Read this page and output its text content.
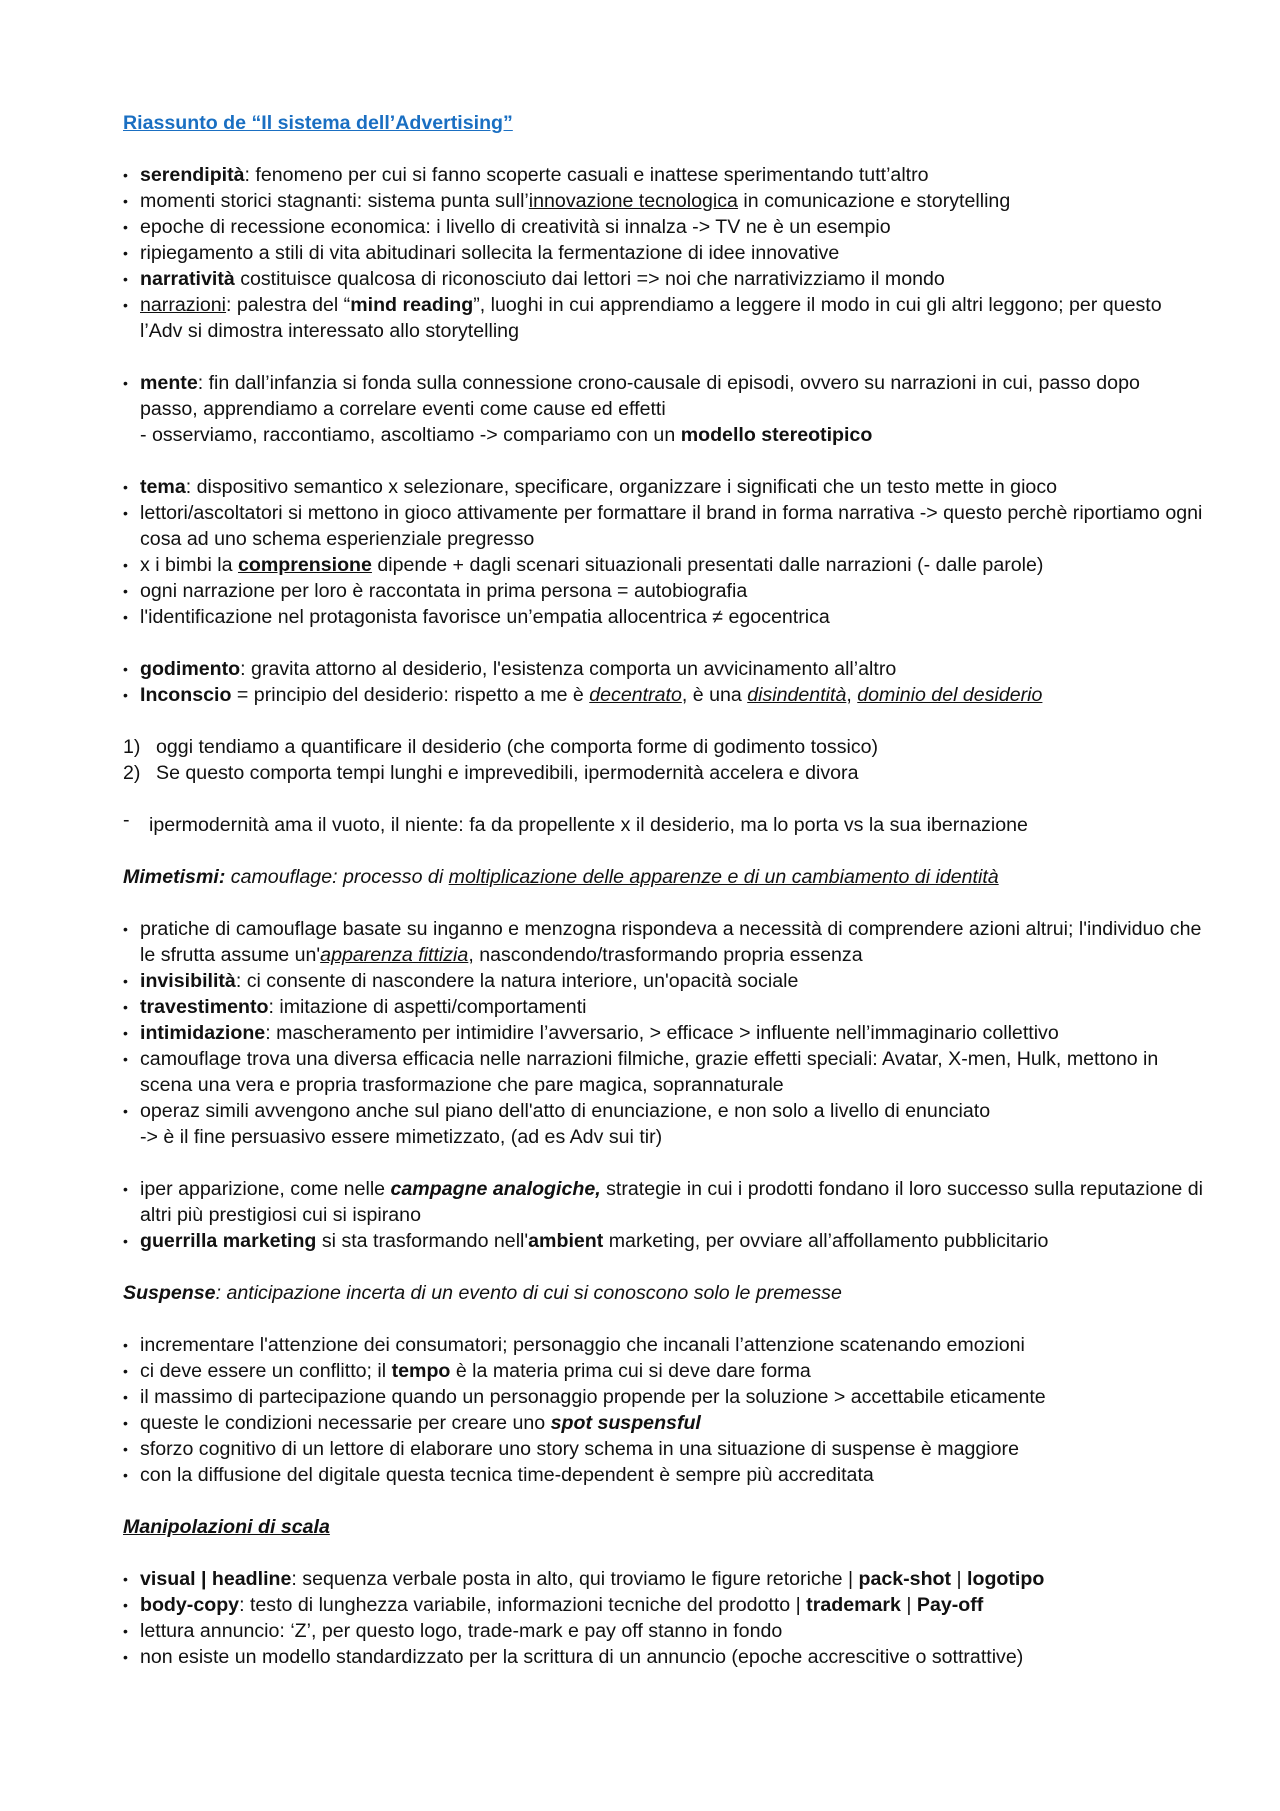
Riassunto de “Il sistema dell’Advertising”
• serendipità: fenomeno per cui si fanno scoperte casuali e inattese sperimentando tutt’altro
• momenti storici stagnanti: sistema punta sull’innovazione tecnologica in comunicazione e storytelling
• epoche di recessione economica: i livello di creatività si innalza -> TV ne è un esempio
• ripiegamento a stili di vita abitudinari sollecita la fermentazione di idee innovative
• narratività costituisce qualcosa di riconosciuto dai lettori => noi che narrativizziamo il mondo
• narrazioni: palestra del “mind reading”, luoghi in cui apprendiamo a leggere il modo in cui gli altri leggono; per questo l’Adv si dimostra interessato allo storytelling
• mente: fin dall’infanzia si fonda sulla connessione crono-causale di episodi, ovvero su narrazioni in cui, passo dopo passo, apprendiamo a correlare eventi come cause ed effetti
- osserviamo, raccontiamo, ascoltiamo -> compariamo con un modello stereotipico
• tema: dispositivo semantico x selezionare, specificare, organizzare i significati che un testo mette in gioco
• lettori/ascoltatori si mettono in gioco attivamente per formattare il brand in forma narrativa -> questo perchè riportiamo ogni cosa ad uno schema esperienziale pregresso
• x i bimbi la comprensione dipende + dagli scenari situazionali presentati dalle narrazioni (- dalle parole)
• ogni narrazione per loro è raccontata in prima persona = autobiografia
• l'identificazione nel protagonista favorisce un’empatia allocentrica ≠ egocentrica
• godimento: gravita attorno al desiderio, l'esistenza comporta un avvicinamento all’altro
• Inconscio = principio del desiderio: rispetto a me è decentrato, è una disindentità, dominio del desiderio
1) oggi tendiamo a quantificare il desiderio (che comporta forme di godimento tossico)
2) Se questo comporta tempi lunghi e imprevedibili, ipermodernità accelera e divora
- ipermodernità ama il vuoto, il niente: fa da propellente x il desiderio, ma lo porta vs la sua ibernazione
Mimetismi: camouflage: processo di moltiplicazione delle apparenze e di un cambiamento di identità
• pratiche di camouflage basate su inganno e menzogna rispondeva a necessità di comprendere azioni altrui; l'individuo che le sfrutta assume un'apparenza fittizia, nascondendo/trasformando propria essenza
• invisibilità: ci consente di nascondere la natura interiore, un'opacità sociale
• travestimento: imitazione di aspetti/comportamenti
• intimidazione: mascheramento per intimidire l’avversario, > efficace > influente nell’immaginario collettivo
• camouflage trova una diversa efficacia nelle narrazioni filmiche, grazie effetti speciali: Avatar, X-men, Hulk, mettono in scena una vera e propria trasformazione che pare magica, soprannaturale
• operaz simili avvengono anche sul piano dell'atto di enunciazione, e non solo a livello di enunciato
-> è il fine persuasivo essere mimetizzato, (ad es Adv sui tir)
• iper apparizione, come nelle campagne analogiche, strategie in cui i prodotti fondano il loro successo sulla reputazione di altri più prestigiosi cui si ispirano
• guerrilla marketing si sta trasformando nell'ambient marketing, per ovviare all’affollamento pubblicitario
Suspense: anticipazione incerta di un evento di cui si conoscono solo le premesse
• incrementare l'attenzione dei consumatori; personaggio che incanali l’attenzione scatenando emozioni
• ci deve essere un conflitto; il tempo è la materia prima cui si deve dare forma
• il massimo di partecipazione quando un personaggio propende per la soluzione > accettabile eticamente
• queste le condizioni necessarie per creare uno spot suspensful
• sforzo cognitivo di un lettore di elaborare uno story schema in una situazione di suspense è maggiore
• con la diffusione del digitale questa tecnica time-dependent è sempre più accreditata
Manipolazioni di scala
• visual | headline: sequenza verbale posta in alto, qui troviamo le figure retoriche | pack-shot | logotipo
• body-copy: testo di lunghezza variabile, informazioni tecniche del prodotto | trademark | Pay-off
• lettura annuncio: ‘Z’, per questo logo, trade-mark e pay off stanno in fondo
• non esiste un modello standardizzato per la scrittura di un annuncio (epoche accrescitive o sottrattive)
